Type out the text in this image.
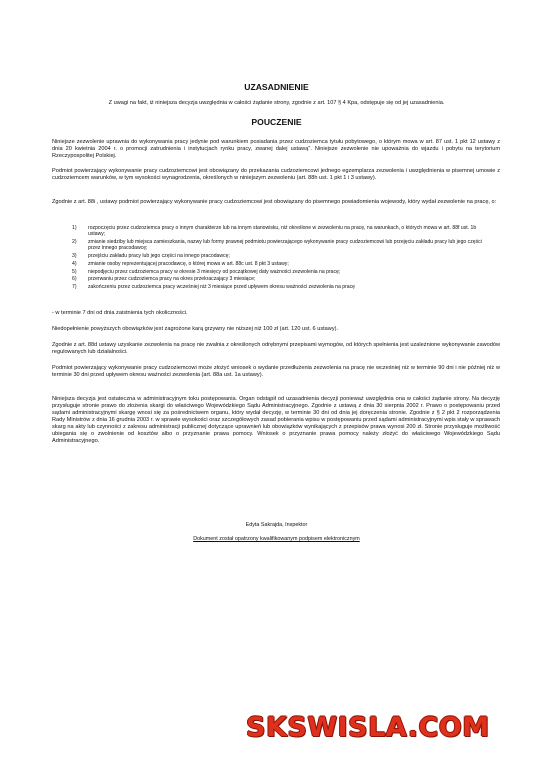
UZASADNIENIE

Z uwagi na fakt, iż niniejsza decyzja uwzględnia w całości żądanie strony, zgodnie z art. 107 § 4 Kpa, odstępuje się od jej uzasadnienia.

POUCZENIE

Niniejsze zezwolenie uprawnia do wykonywania pracy jedynie pod warunkiem posiadania przez cudzoziemca tytułu pobytowego, o którym mowa w art. 87 ust. 1 pkt 12 ustawy z dnia 20 kwietnia 2004 r. o promocji zatrudnienia i instytucjach rynku pracy, zwanej dalej ustawą". Niniejsze zezwolenie nie upoważnia do wjazdu i pobytu na terytorium Rzeczypospolitej Polskiej.

Podmiot powierzający wykonywanie pracy cudzoziemcowi jest obowiązany do przekazania cudzoziemcowi jednego egzemplarza zezwolenia i uwzględnienia w pisemnej umowie z cudzoziemcem warunków, w tym wysokości wynagrodzenia, określonych w niniejszym zezwoleniu (art. 88h ust. 1 pkt 1 i 3 ustawy).

Zgodnie z art. 88i , ustawy podmiot powierzający wykonywanie pracy cudzoziemcowi jest obowiązany do pisemnego powiadomienia wojewody, który wydał zezwolenie na pracę, o:

1) rozpoczęciu przez cudzoziemca pracy o innym charakterze lub na innym stanowisku, niż określone w zezwoleniu na pracę, na warunkach, o których mowa w art. 88f ust. 1b ustawy;
2) zmianie siedziby lub miejsca zamieszkania, nazwy lub formy prawnej podmiotu powierzającego wykonywanie pracy cudzoziemcowi lub przejęciu zakładu pracy lub jego części przez innego pracodawcę;
3) przejściu zakładu pracy lub jego części na innego pracodawcę;
4) zmianie osoby reprezentującej pracodawcę, o której mowa w art. 88c ust. 8 pkt 3 ustawy;
5) niepodjęciu przez cudzoziemca pracy w okresie 3 miesięcy od początkowej daty ważności zezwolenia na pracę;
6) przerwaniu przez cudzoziemca pracy na okres przekraczający 3 miesiące;
7) zakończeniu przez cudzoziemca pracy wcześniej niż 3 miesiące przed upływem okresu ważności zezwolenia na pracę

- w terminie 7 dni od dnia zaistnienia tych okoliczności.

Niedopełnienie powyższych obowiązków jest zagrożone karą grzywny nie niższej niż 100 zł (art. 120 ust. 6 ustawy).

Zgodnie z art. 88d ustawy uzyskanie zezwolenia na pracę nie zwalnia z określonych odrębnymi przepisami wymogów, od których spełnienia jest uzależnione wykonywanie zawodów regulowanych lub działalności.

Podmiot powierzający wykonywanie pracy cudzoziemcowi może złożyć wniosek o wydanie przedłużenia zezwolenia na pracę nie wcześniej niż w terminie 90 dni i nie później niż w terminie 30 dni przed upływem okresu ważności zezwolenia (art. 88a ust. 1a ustawy).

Niniejsza decyzja jest ostateczna w administracyjnym toku postępowania. Organ odstąpił od uzasadnienia decyzji ponieważ uwzględnia ona w całości żądanie strony. Na decyzję przysługuje stronie prawo do złożenia skargi do właściwego Wojewódzkiego Sądu Administracyjnego. Zgodnie z ustawą z dnia 30 sierpnia 2002 r. Prawo o postępowaniu przed sądami administracyjnymi skargę wnosi się za pośrednictwem organu, który wydał decyzję, w terminie 30 dni od dnia jej doręczenia stronie. Zgodnie z § 2 pkt 2 rozporządzenia Rady Ministrów z dnia 16 grudnia 2003 r. w sprawie wysokości oraz szczegółowych zasad pobierania wpisu w postępowaniu przed sądami administracyjnymi wpis stały w sprawach skarg na akty lub czynności z zakresu administracji publicznej dotyczące uprawnień lub obowiązków wynikających z przepisów prawa wynosi 200 zł. Stronie przysługuje możliwość ubiegania się o zwolnienie od kosztów albo o przyznanie prawa pomocy. Wniosek o przyznanie prawa pomocy należy złożyć do właściwego Wojewódzkiego Sądu Administracyjnego.

Edyta Sakrajda, Inspektor

Dokument został opatrzony kwalifikowanym podpisem elektronicznym

SKSWISLA.COM
